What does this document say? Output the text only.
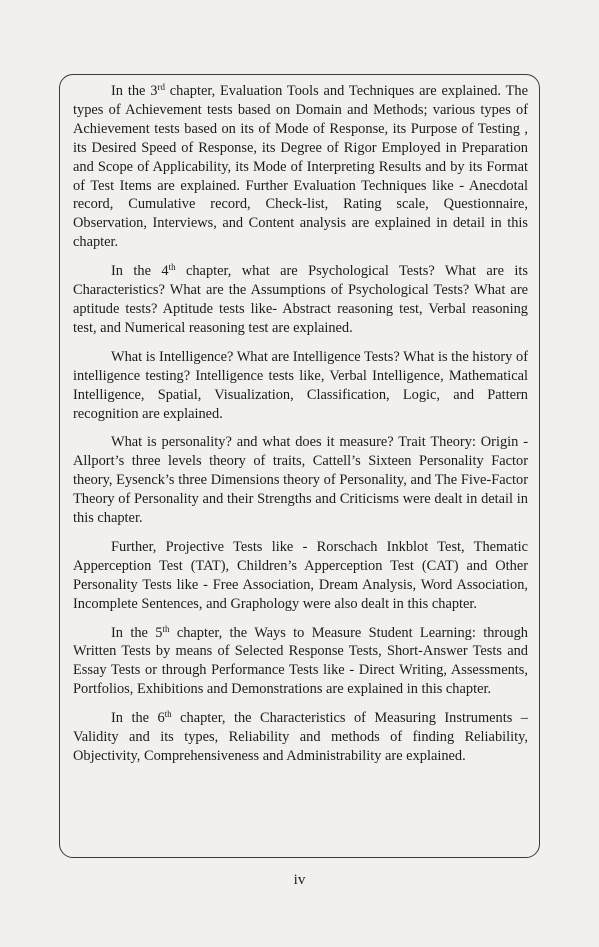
In the 3rd chapter, Evaluation Tools and Techniques are explained. The types of Achievement tests based on Domain and Methods; various types of Achievement tests based on its of Mode of Response, its Purpose of Testing , its Desired Speed of Response, its Degree of Rigor Employed in Preparation and Scope of Applicability, its Mode of Interpreting Results and by its Format of Test Items are explained. Further Evaluation Techniques like - Anecdotal record, Cumulative record, Check-list, Rating scale, Questionnaire, Observation, Interviews, and Content analysis are explained in detail in this chapter.

In the 4th chapter, what are Psychological Tests? What are its Characteristics? What are the Assumptions of Psychological Tests? What are aptitude tests? Aptitude tests like- Abstract reasoning test, Verbal reasoning test, and Numerical reasoning test are explained.

What is Intelligence? What are Intelligence Tests? What is the history of intelligence testing? Intelligence tests like, Verbal Intelligence, Mathematical Intelligence, Spatial, Visualization, Classification, Logic, and Pattern recognition are explained.

What is personality? and what does it measure? Trait Theory: Origin - Allport’s three levels theory of traits, Cattell’s Sixteen Personality Factor theory, Eysenck’s three Dimensions theory of Personality, and The Five-Factor Theory of Personality and their Strengths and Criticisms were dealt in detail in this chapter.

Further, Projective Tests like - Rorschach Inkblot Test, Thematic Apperception Test (TAT), Children’s Apperception Test (CAT) and Other Personality Tests like - Free Association, Dream Analysis, Word Association, Incomplete Sentences, and Graphology were also dealt in this chapter.

In the 5th chapter, the Ways to Measure Student Learning: through Written Tests by means of Selected Response Tests, Short-Answer Tests and Essay Tests or through Performance Tests like - Direct Writing, Assessments, Portfolios, Exhibitions and Demonstrations are explained in this chapter.

In the 6th chapter, the Characteristics of Measuring Instruments – Validity and its types, Reliability and methods of finding Reliability, Objectivity, Comprehensiveness and Administrability are explained.

iv
